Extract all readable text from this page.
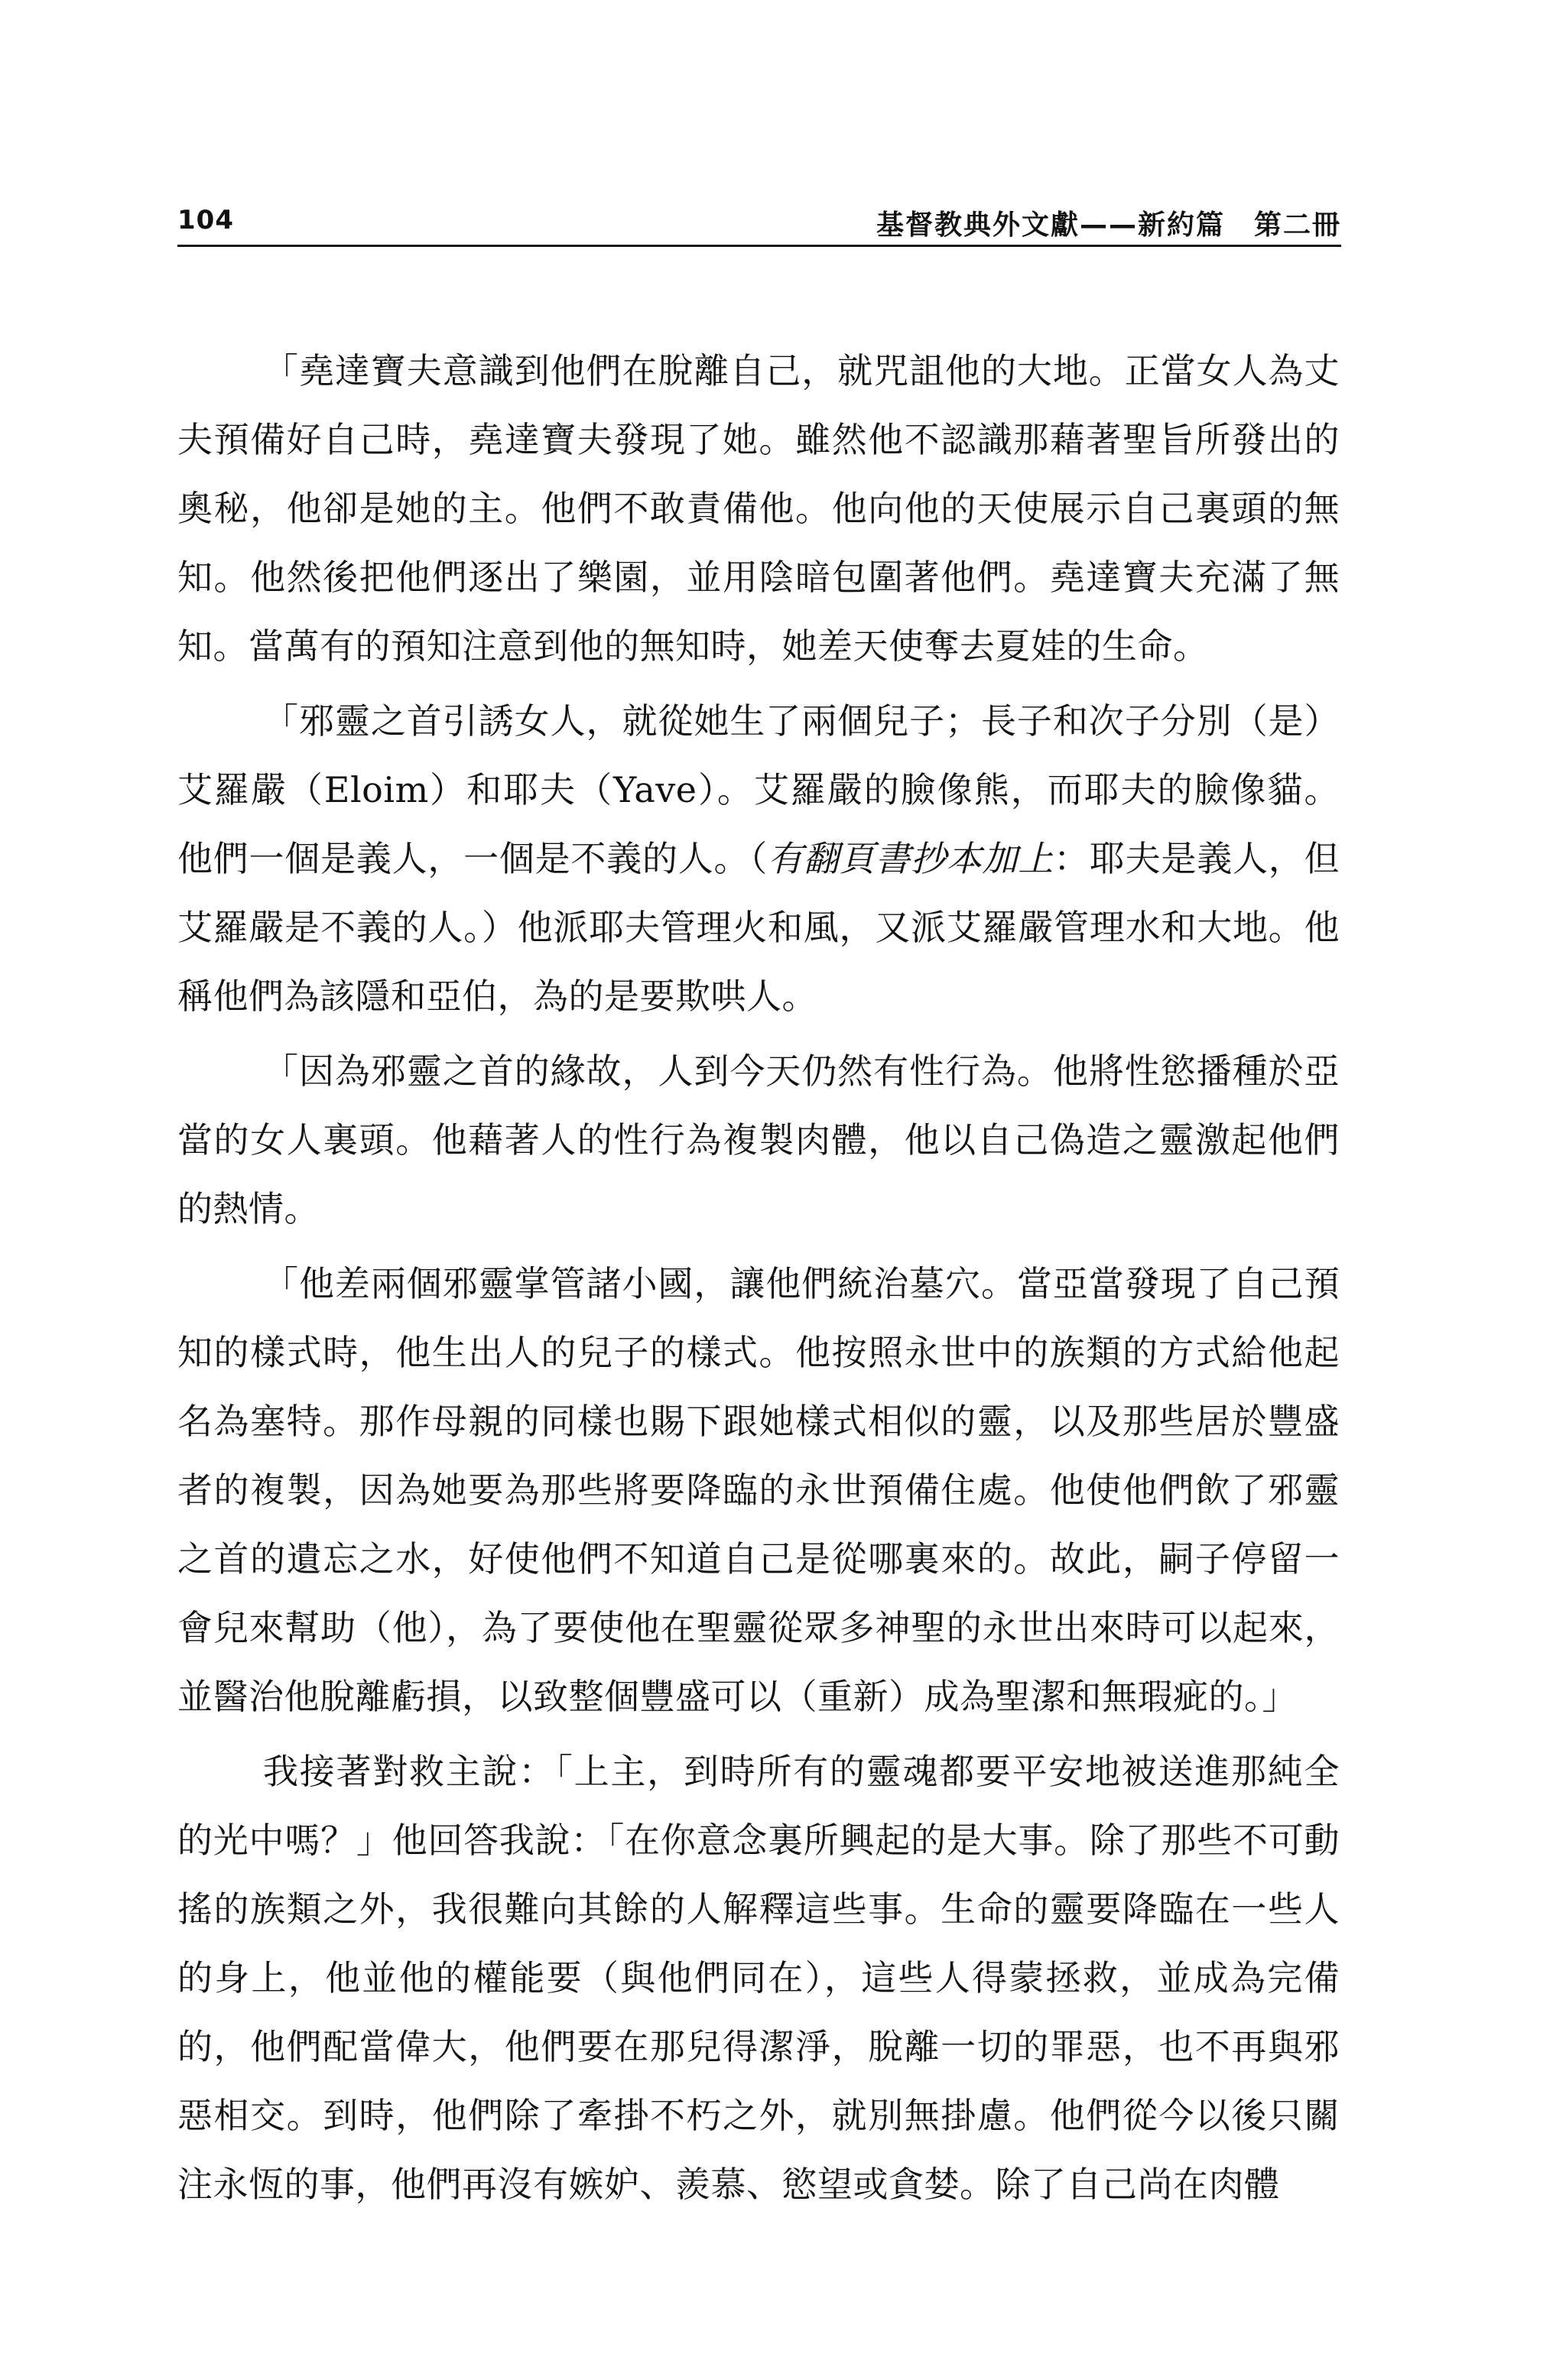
104	基督教典外文獻——新約篇　第二冊

「堯達寶夫意識到他們在脫離自己，就咒詛他的大地。正當女人為丈夫預備好自己時，堯達寶夫發現了她。雖然他不認識那藉著聖旨所發出的奧秘，他卻是她的主。他們不敢責備他。他向他的天使展示自己裏頭的無知。他然後把他們逐出了樂園，並用陰暗包圍著他們。堯達寶夫充滿了無知。當萬有的預知注意到他的無知時，她差天使奪去夏娃的生命。

「邪靈之首引誘女人，就從她生了兩個兒子；長子和次子分別（是）艾羅嚴（Eloim）和耶夫（Yave）。艾羅嚴的臉像熊，而耶夫的臉像貓。他們一個是義人，一個是不義的人。（有翻頁書抄本加上：耶夫是義人，但艾羅嚴是不義的人。）他派耶夫管理火和風，又派艾羅嚴管理水和大地。他稱他們為該隱和亞伯，為的是要欺哄人。

「因為邪靈之首的緣故，人到今天仍然有性行為。他將性慾播種於亞當的女人裏頭。他藉著人的性行為複製肉體，他以自己偽造之靈激起他們的熱情。

「他差兩個邪靈掌管諸小國，讓他們統治墓穴。當亞當發現了自己預知的樣式時，他生出人的兒子的樣式。他按照永世中的族類的方式給他起名為塞特。那作母親的同樣也賜下跟她樣式相似的靈，以及那些居於豐盛者的複製，因為她要為那些將要降臨的永世預備住處。他使他們飲了邪靈之首的遺忘之水，好使他們不知道自己是從哪裏來的。故此，嗣子停留一會兒來幫助（他），為了要使他在聖靈從眾多神聖的永世出來時可以起來，並醫治他脫離虧損，以致整個豐盛可以（重新）成為聖潔和無瑕疵的。」

我接著對救主說：「上主，到時所有的靈魂都要平安地被送進那純全的光中嗎？」他回答我說：「在你意念裏所興起的是大事。除了那些不可動搖的族類之外，我很難向其餘的人解釋這些事。生命的靈要降臨在一些人的身上，他並他的權能要（與他們同在），這些人得蒙拯救，並成為完備的，他們配當偉大，他們要在那兒得潔淨，脫離一切的罪惡，也不再與邪惡相交。到時，他們除了牽掛不朽之外，就別無掛慮。他們從今以後只關注永恆的事，他們再沒有嫉妒、羨慕、慾望或貪婪。除了自己尚在肉體
